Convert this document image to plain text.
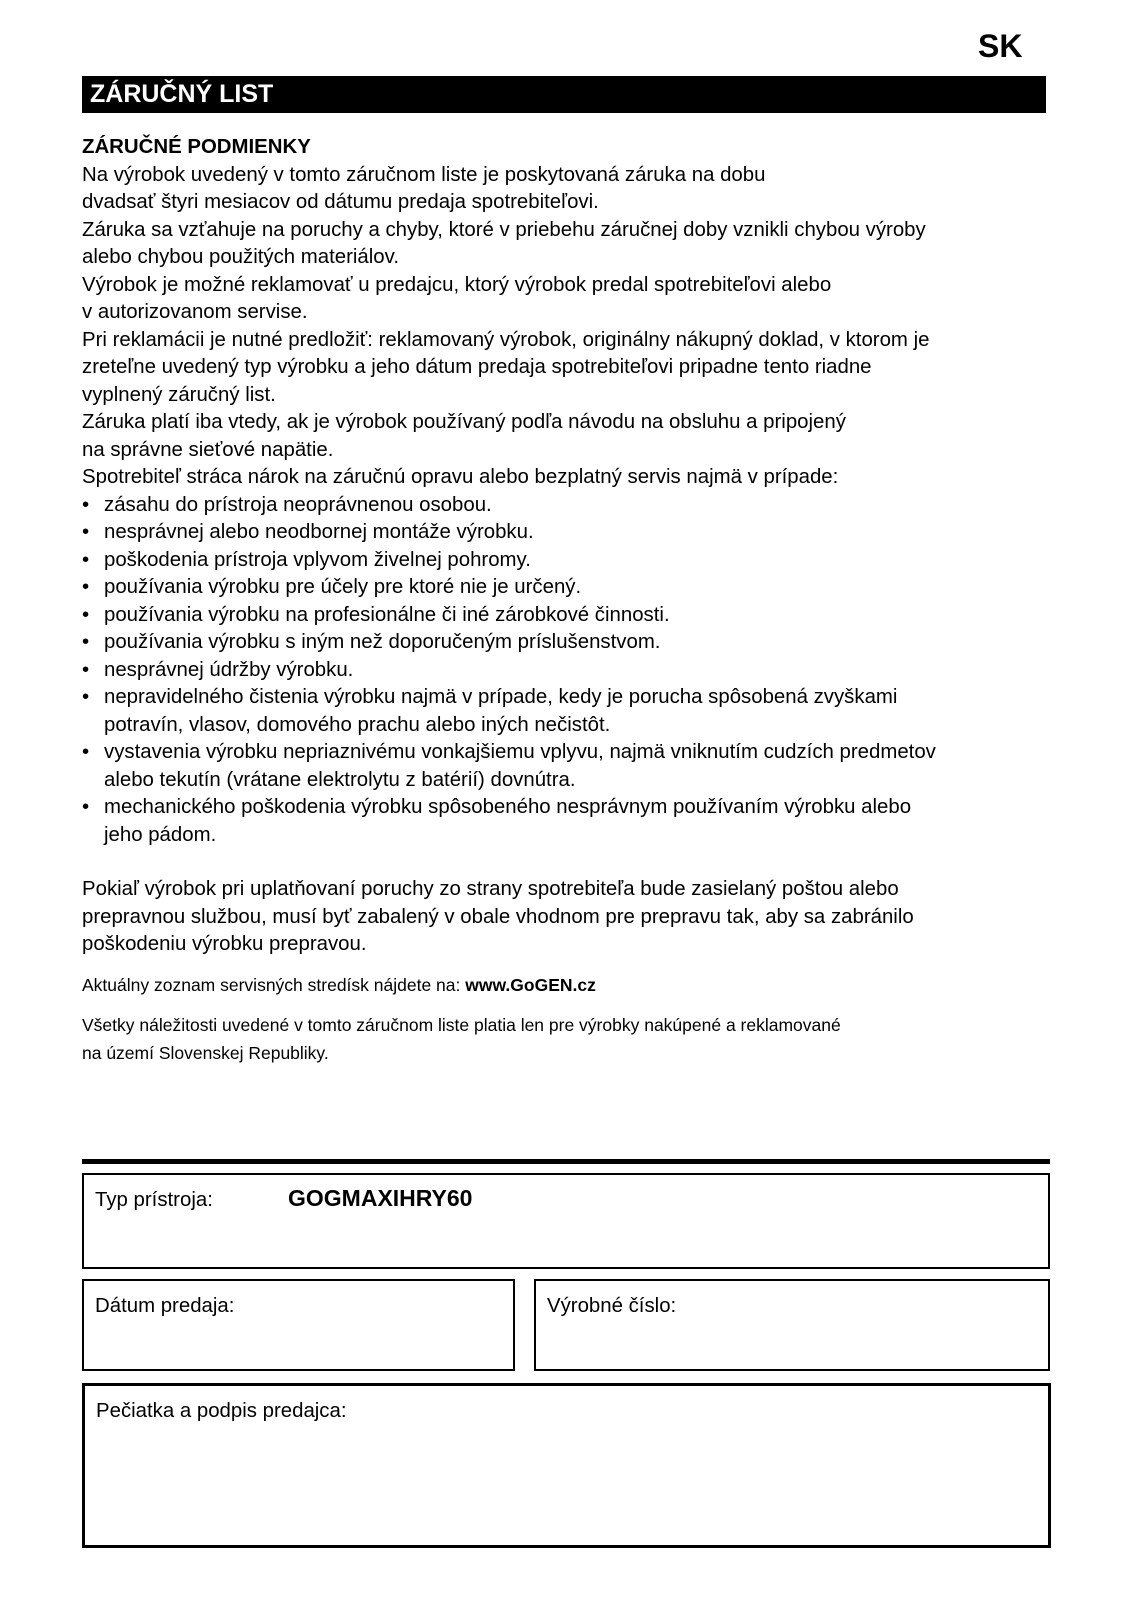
SK
ZÁRUČNÝ LIST

ZÁRUČNÉ PODMIENKY

Na výrobok uvedený v tomto záručnom liste je poskytovaná záruka na dobu

dvadsať štyri mesiacov od dátumu predaja spotrebiteľovi.

Záruka sa vzťahuje na poruchy a chyby, ktoré v priebehu záručnej doby vznikli chybou výroby

alebo chybou použitých materiálov.

Výrobok je možné reklamovať u predajcu, ktorý výrobok predal spotrebiteľovi alebo

v autorizovanom servise.

Pri reklamácii je nutné predložiť: reklamovaný výrobok, originálny nákupný doklad, v ktorom je

zreteľne uvedený typ výrobku a jeho dátum predaja spotrebiteľovi pripadne tento riadne

vyplnený záručný list.

Záruka platí iba vtedy, ak je výrobok používaný podľa návodu na obsluhu a pripojený

na správne sieťové napätie.

Spotrebiteľ stráca nárok na záručnú opravu alebo bezplatný servis najmä v prípade:

• zásahu do prístroja neoprávnenou osobou.
• nesprávnej alebo neodbornej montáže výrobku.
• poškodenia prístroja vplyvom živelnej pohromy.
• používania výrobku pre účely pre ktoré nie je určený.
• používania výrobku na profesionálne či iné zárobkové činnosti.
• používania výrobku s iným než doporučeným príslušenstvom.
• nesprávnej údržby výrobku.
• nepravidelného čistenia výrobku najmä v prípade, kedy je porucha spôsobená zvyškami
potravín, vlasov, domového prachu alebo iných nečistôt.
• vystavenia výrobku nepriaznivému vonkajšiemu vplyvu, najmä vniknutím cudzích predmetov
alebo tekutín (vrátane elektrolytu z batérií) dovnútra.
• mechanického poškodenia výrobku spôsobeného nesprávnym používaním výrobku alebo
jeho pádom.

Pokiaľ výrobok pri uplatňovaní poruchy zo strany spotrebiteľa bude zasielaný poštou alebo

prepravnou službou, musí byť zabalený v obale vhodnom pre prepravu tak, aby sa zabránilo

poškodeniu výrobku prepravou.

Aktuálny zoznam servisných stredísk nájdete na: www.GoGEN.cz

Všetky náležitosti uvedené v tomto záručnom liste platia len pre výrobky nakúpené a reklamované

na území Slovenskej Republiky.

Typ prístroja:	GOGMAXIHRY60
Dátum predaja:	Výrobné číslo:
Pečiatka a podpis predajca:
